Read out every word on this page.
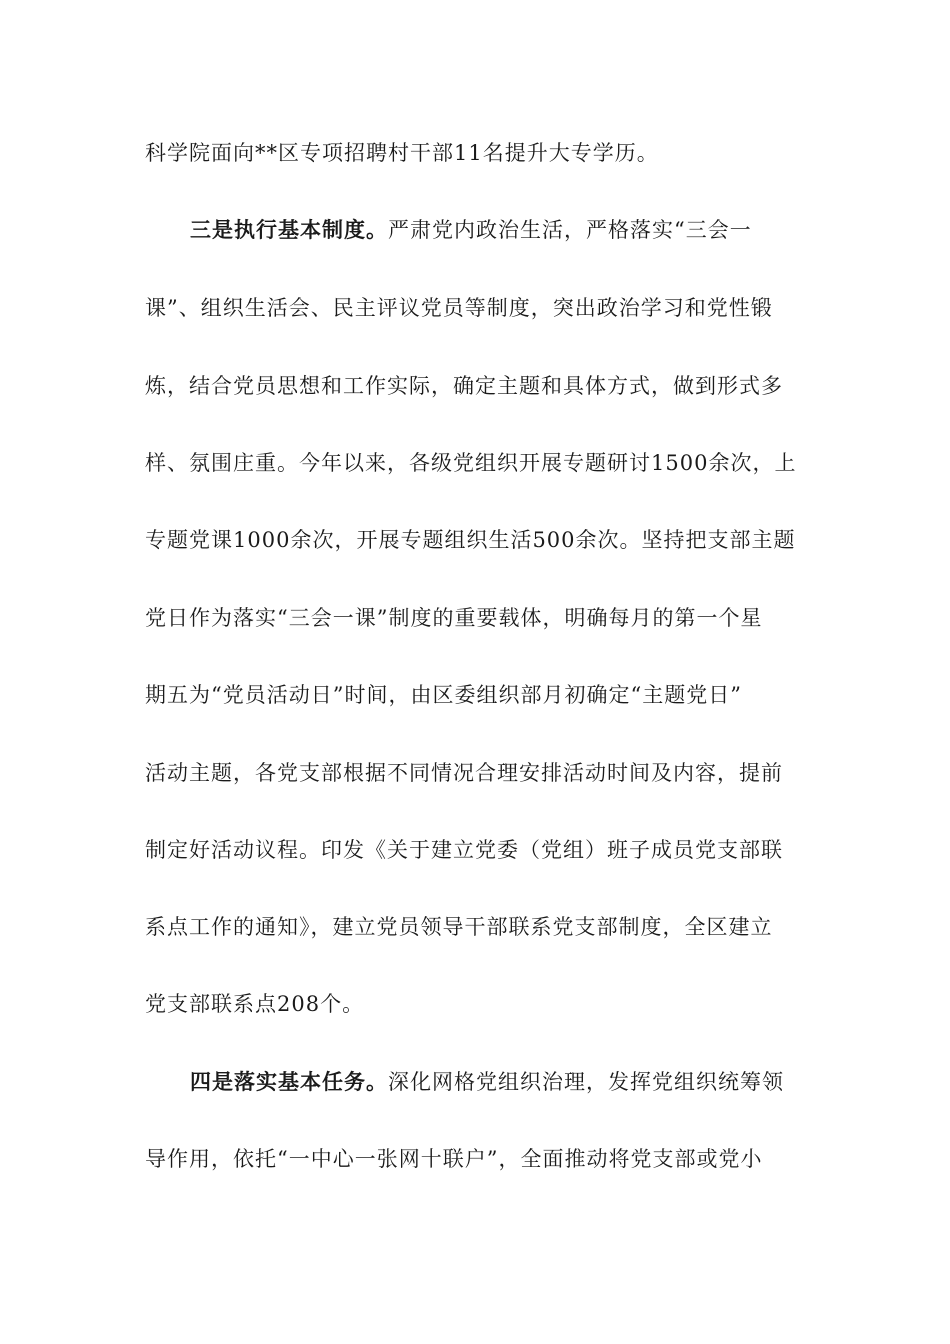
科学院面向**区专项招聘村干部11名提升大专学历。
三是执行基本制度。严肃党内政治生活，严格落实“三会一
课”、组织生活会、民主评议党员等制度，突出政治学习和党性锻
炼，结合党员思想和工作实际，确定主题和具体方式，做到形式多
样、氛围庄重。今年以来，各级党组织开展专题研讨1500余次，上
专题党课1000余次，开展专题组织生活500余次。坚持把支部主题
党日作为落实“三会一课”制度的重要载体，明确每月的第一个星
期五为“党员活动日”时间，由区委组织部月初确定“主题党日”
活动主题，各党支部根据不同情况合理安排活动时间及内容，提前
制定好活动议程。印发《关于建立党委（党组）班子成员党支部联
系点工作的通知》，建立党员领导干部联系党支部制度，全区建立
党支部联系点208个。
四是落实基本任务。深化网格党组织治理，发挥党组织统筹领
导作用，依托“一中心一张网十联户”，全面推动将党支部或党小
